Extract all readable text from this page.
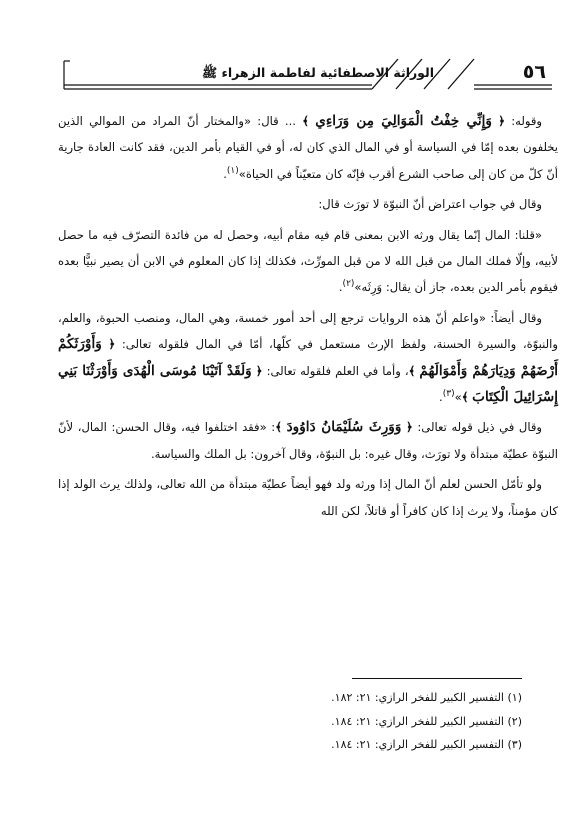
٥٦
الوراثة الاصطفائية لفاطمة الزهراء ﷺ

وقوله: ﴿ وَإِنِّي خِفْتُ الْمَوَالِيَ مِن وَرَاءِي ﴾ ... قال: «والمختار أنّ المراد من الموالي الذين يخلفون بعده إمّا في السياسة أو في المال الذي كان له، أو في القيام بأمر الدين، فقد كانت العادة جارية أنّ كلّ من كان إلى صاحب الشرع أقرب فإنّه كان متعيّناً في الحياة»$^{(١)}$.

وقال في جواب اعتراض أنّ النبوّة لا تورَث قال:

«قلنا: المال إنّما يقال ورثه الابن بمعنى قام فيه مقام أبيه، وحصل له من فائدة التصرّف فيه ما حصل لأبيه، وإلّا فملك المال من قبل الله لا من قبل المورِّث، فكذلك إذا كان المعلوم في الابن أن يصير نبيًّا بعده فيقوم بأمر الدين بعده، جاز أن يقال: وَرِثَه»$^{(٢)}$.

وقال أيضاً: «واعلم أنّ هذه الروايات ترجع إلى أحد أمور خمسة، وهي المال، ومنصب الحبوة، والعلم، والنبوّة، والسيرة الحسنة، ولفظ الإرث مستعمل في كلّها، أمّا في المال فلقوله تعالى: ﴿ وَأَوْرَثَكُمْ أَرْضَهُمْ وَدِيَارَهُمْ وَأَمْوَالَهُمْ ﴾، وأما في العلم فلقوله تعالى: ﴿ وَلَقَدْ آتَيْنَا مُوسَى الْهُدَى وَأَوْرَثْنَا بَنِي إِسْرَائِيلَ الْكِتَابَ ﴾»$^{(٣)}$.

وقال في ذيل قوله تعالى: ﴿ وَوَرِثَ سُلَيْمَانُ دَاوُودَ ﴾: «فقد اختلفوا فيه، وقال الحسن: المال، لأنّ النبوّة عطيّة مبتدأة ولا تورَث، وقال غيره: بل النبوّة، وقال آخرون: بل الملك والسياسة.

ولو تأمّل الحسن لعلم أنّ المال إذا ورثه ولد فهو أيضاً عطيّة مبتدأة من الله تعالى، ولذلك يرث الولد إذا كان مؤمناً، ولا يرث إذا كان كافراً أو قاتلاً، لكن الله

(١) التفسير الكبير للفخر الرازي: ٢١: ١٨٢.
(٢) التفسير الكبير للفخر الرازي: ٢١: ١٨٤.
(٣) التفسير الكبير للفخر الرازي: ٢١: ١٨٤.
